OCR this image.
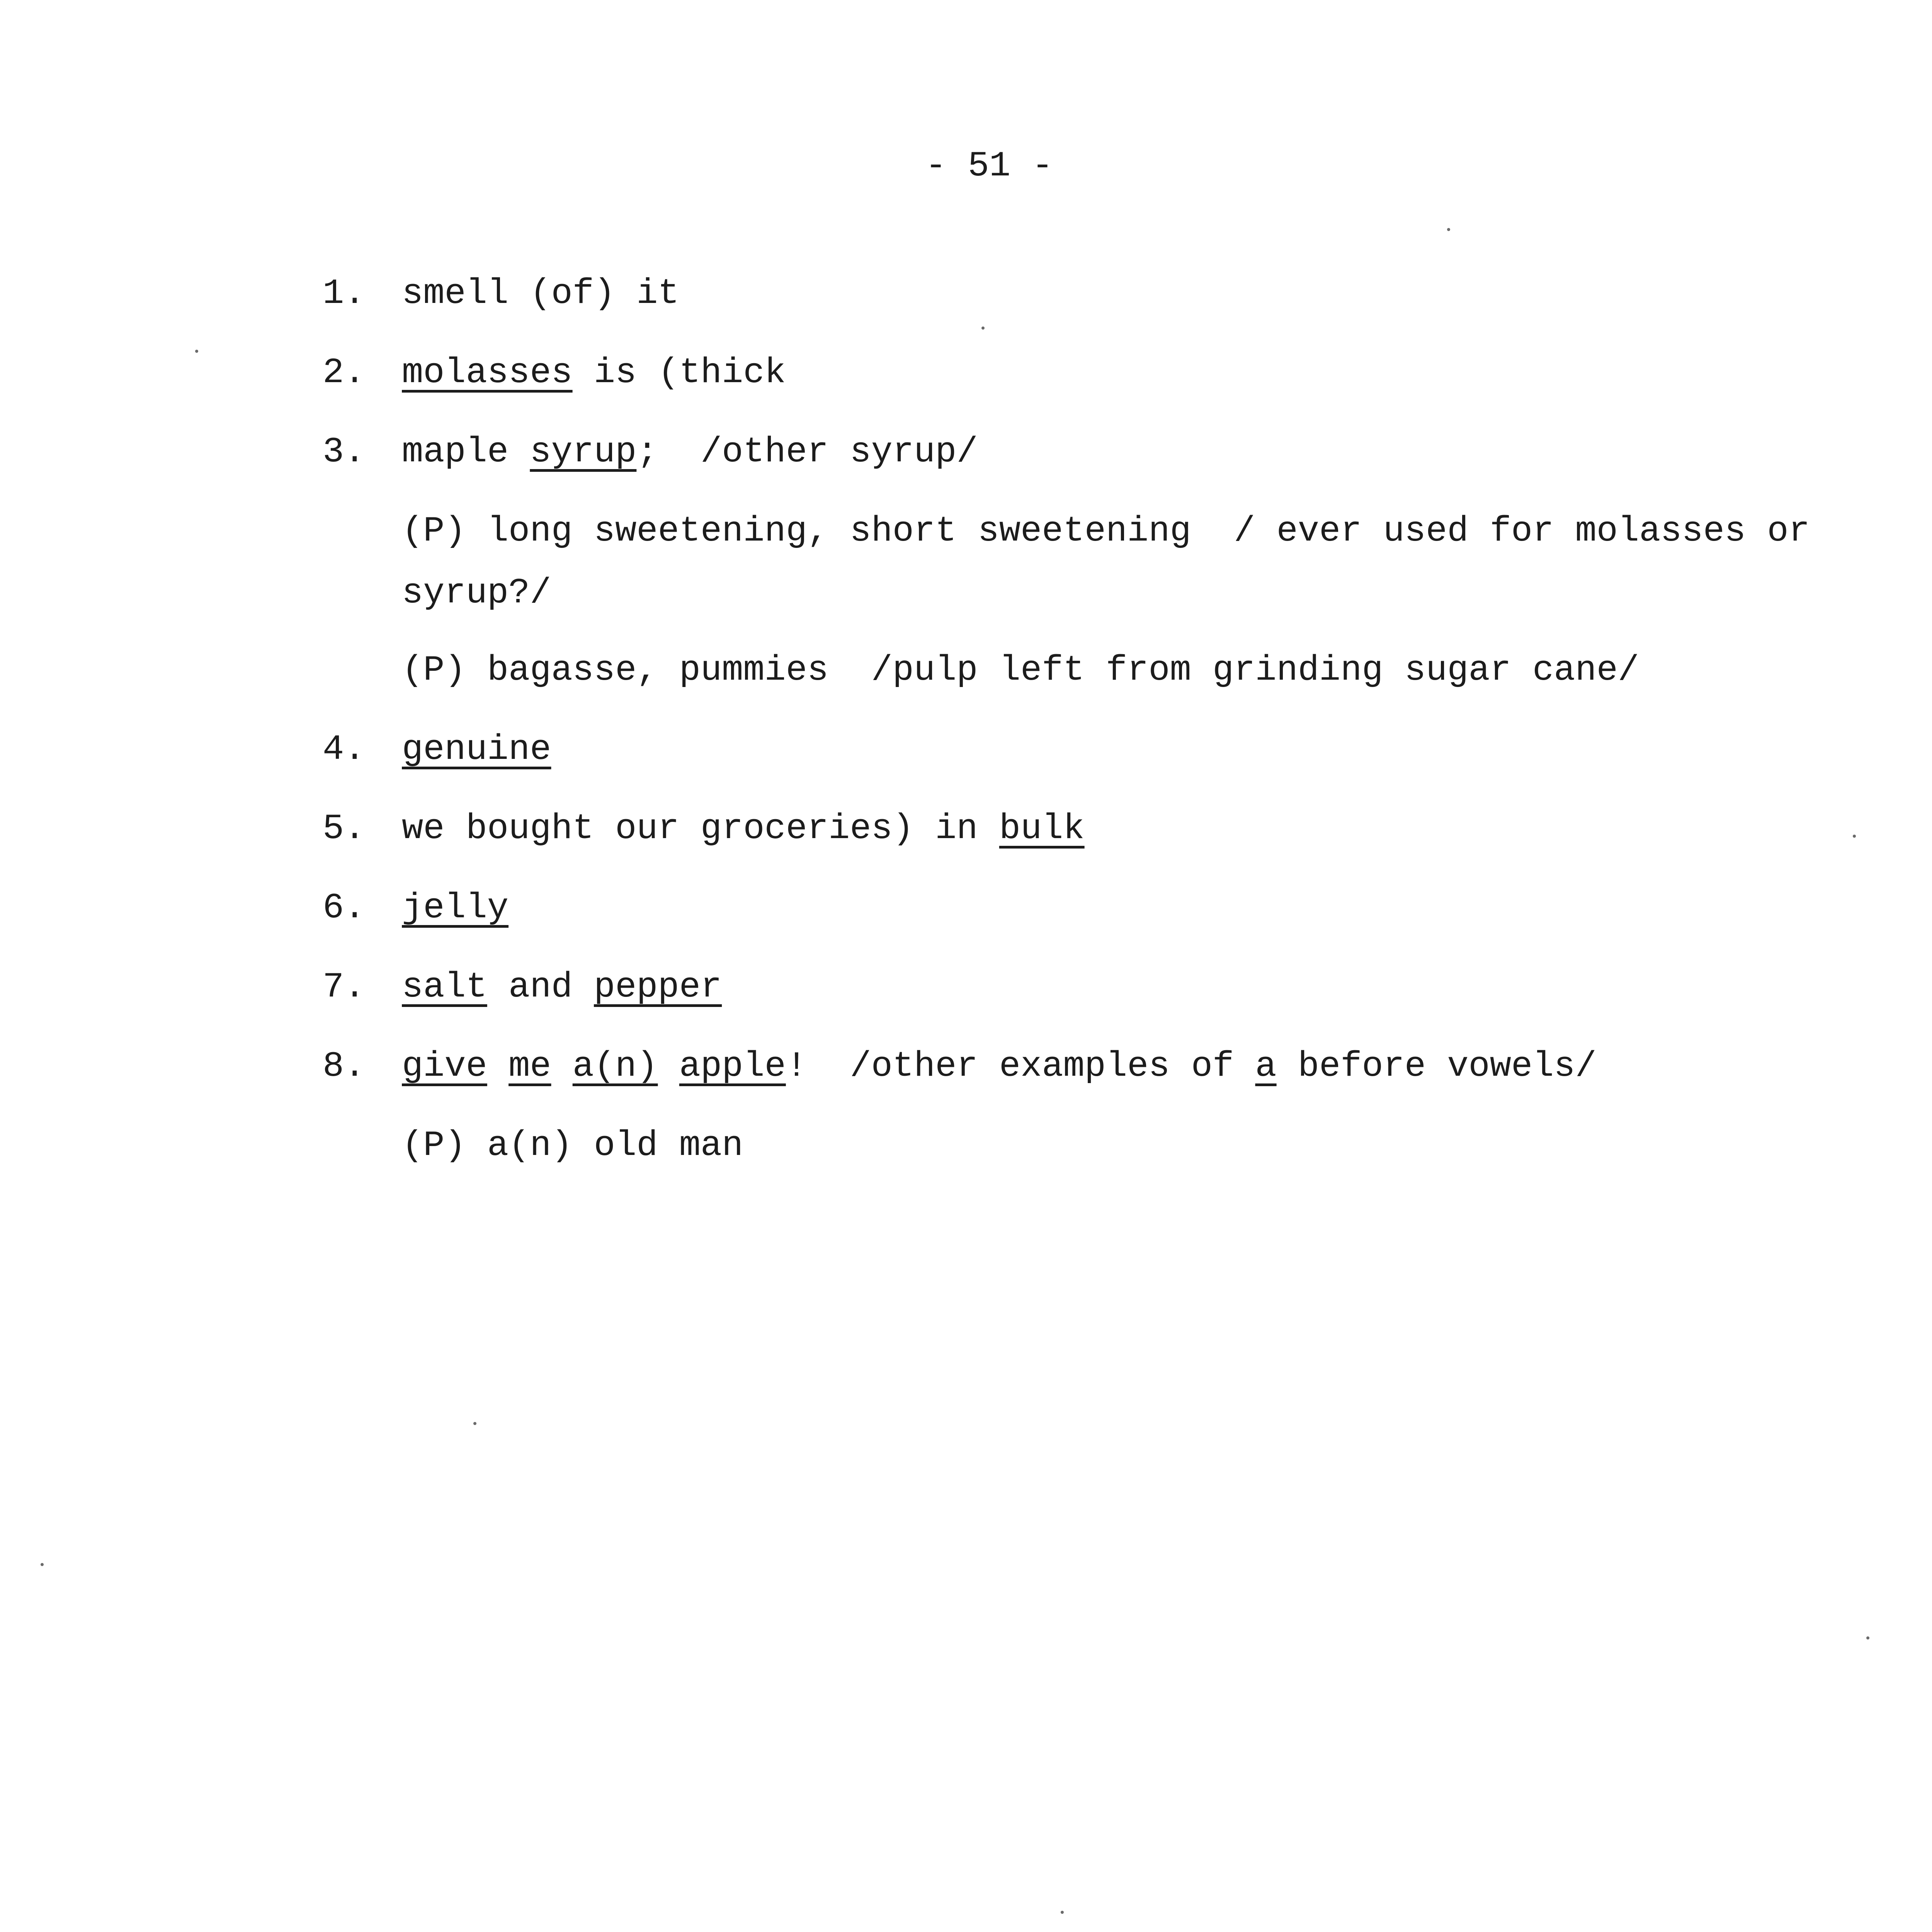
- 51 -
1. smell (of) it
2. molasses is (thick
3. maple syrup;  /other syrup/
(P) long sweetening, short sweetening  / ever used for molasses or
syrup?/
(P) bagasse, pummies  /pulp left from grinding sugar cane/
4. genuine
5. we bought our groceries) in bulk
6. jelly
7. salt and pepper
8. give me a(n) apple!  /other examples of a before vowels/
(P) a(n) old man
